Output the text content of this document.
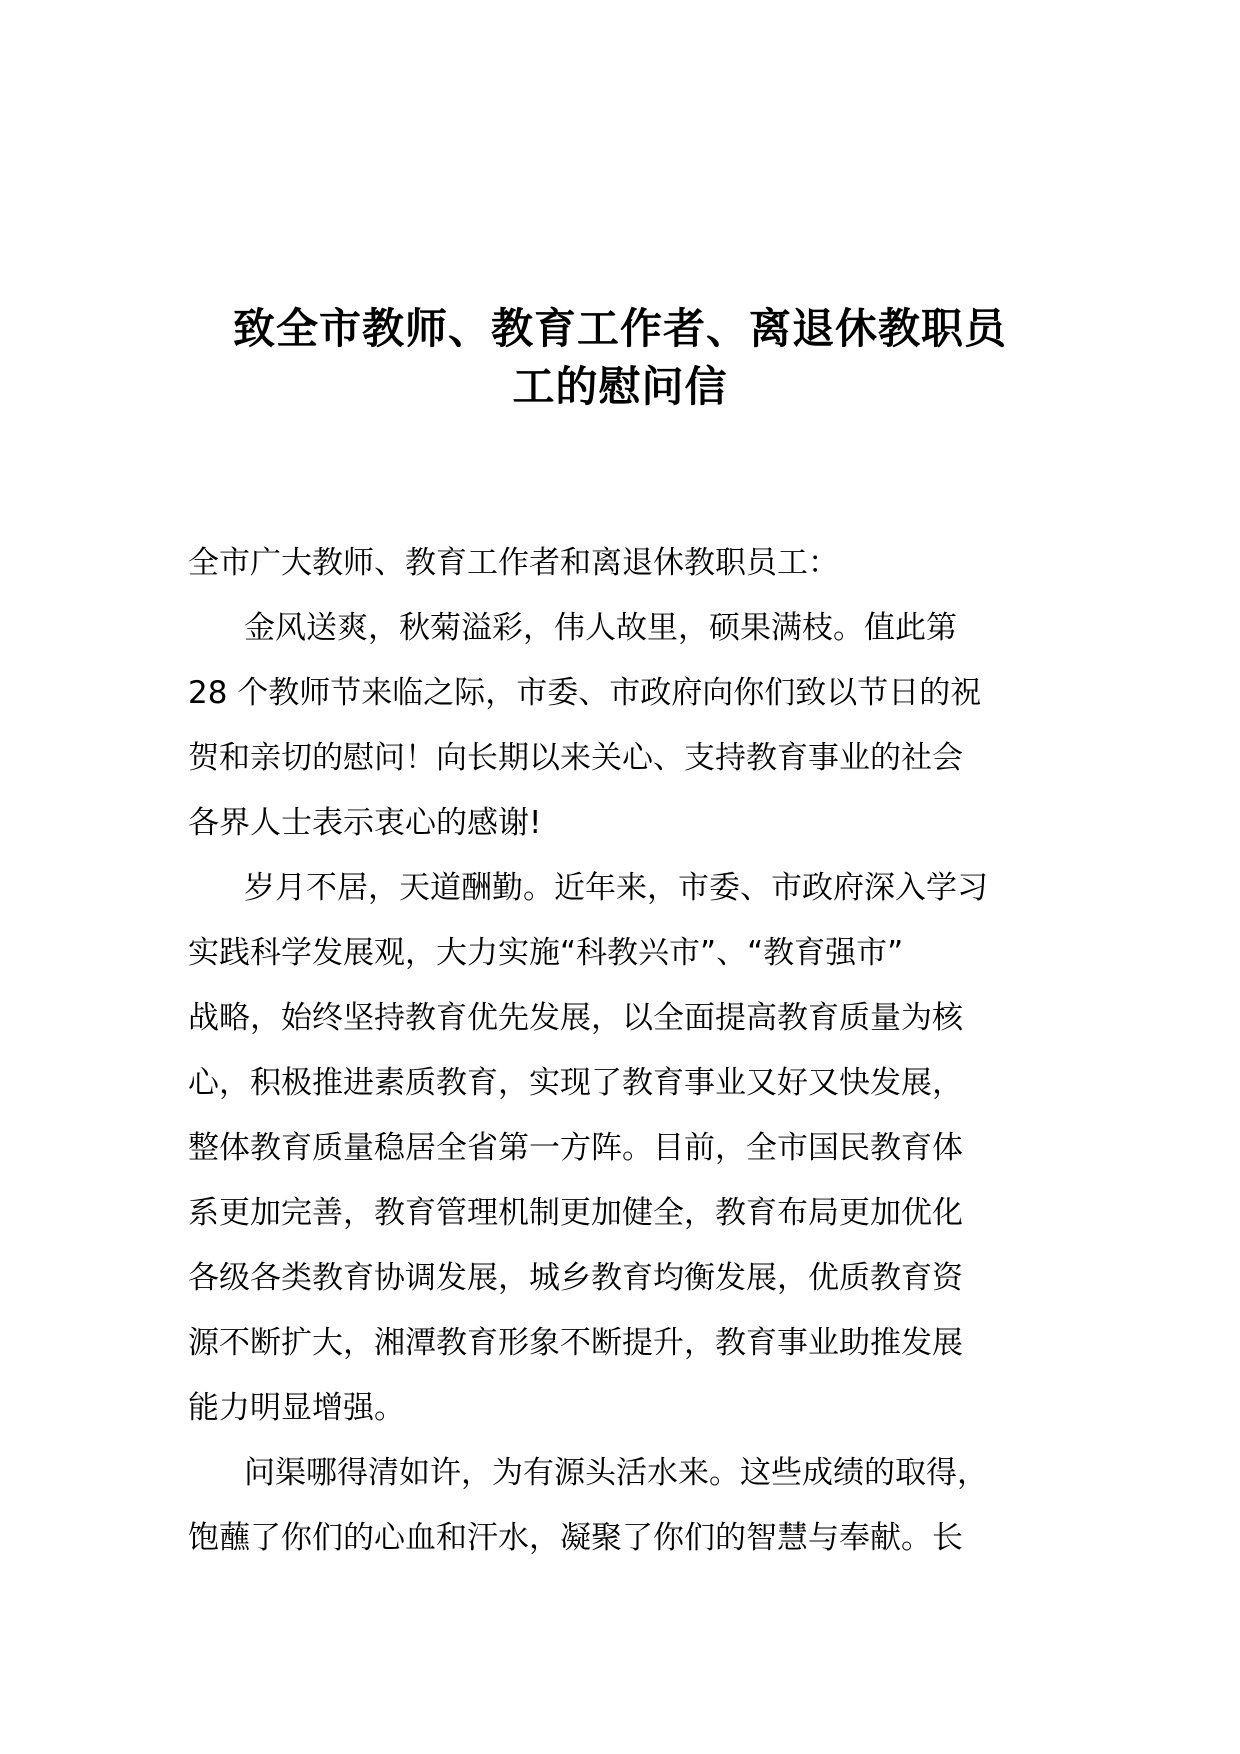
致全市教师、教育工作者、离退休教职员
工的慰问信
全市广大教师、教育工作者和离退休教职员工：
金风送爽，秋菊溢彩，伟人故里，硕果满枝。值此第
28 个教师节来临之际，市委、市政府向你们致以节日的祝
贺和亲切的慰问！向长期以来关心、支持教育事业的社会
各界人士表示衷心的感谢!
岁月不居，天道酬勤。近年来，市委、市政府深入学习
实践科学发展观，大力实施“科教兴市”、“教育强市”
战略，始终坚持教育优先发展，以全面提高教育质量为核
心，积极推进素质教育，实现了教育事业又好又快发展，
整体教育质量稳居全省第一方阵。目前，全市国民教育体
系更加完善，教育管理机制更加健全，教育布局更加优化
各级各类教育协调发展，城乡教育均衡发展，优质教育资
源不断扩大，湘潭教育形象不断提升，教育事业助推发展
能力明显增强。
问渠哪得清如许，为有源头活水来。这些成绩的取得，
饱蘸了你们的心血和汗水，凝聚了你们的智慧与奉献。长
